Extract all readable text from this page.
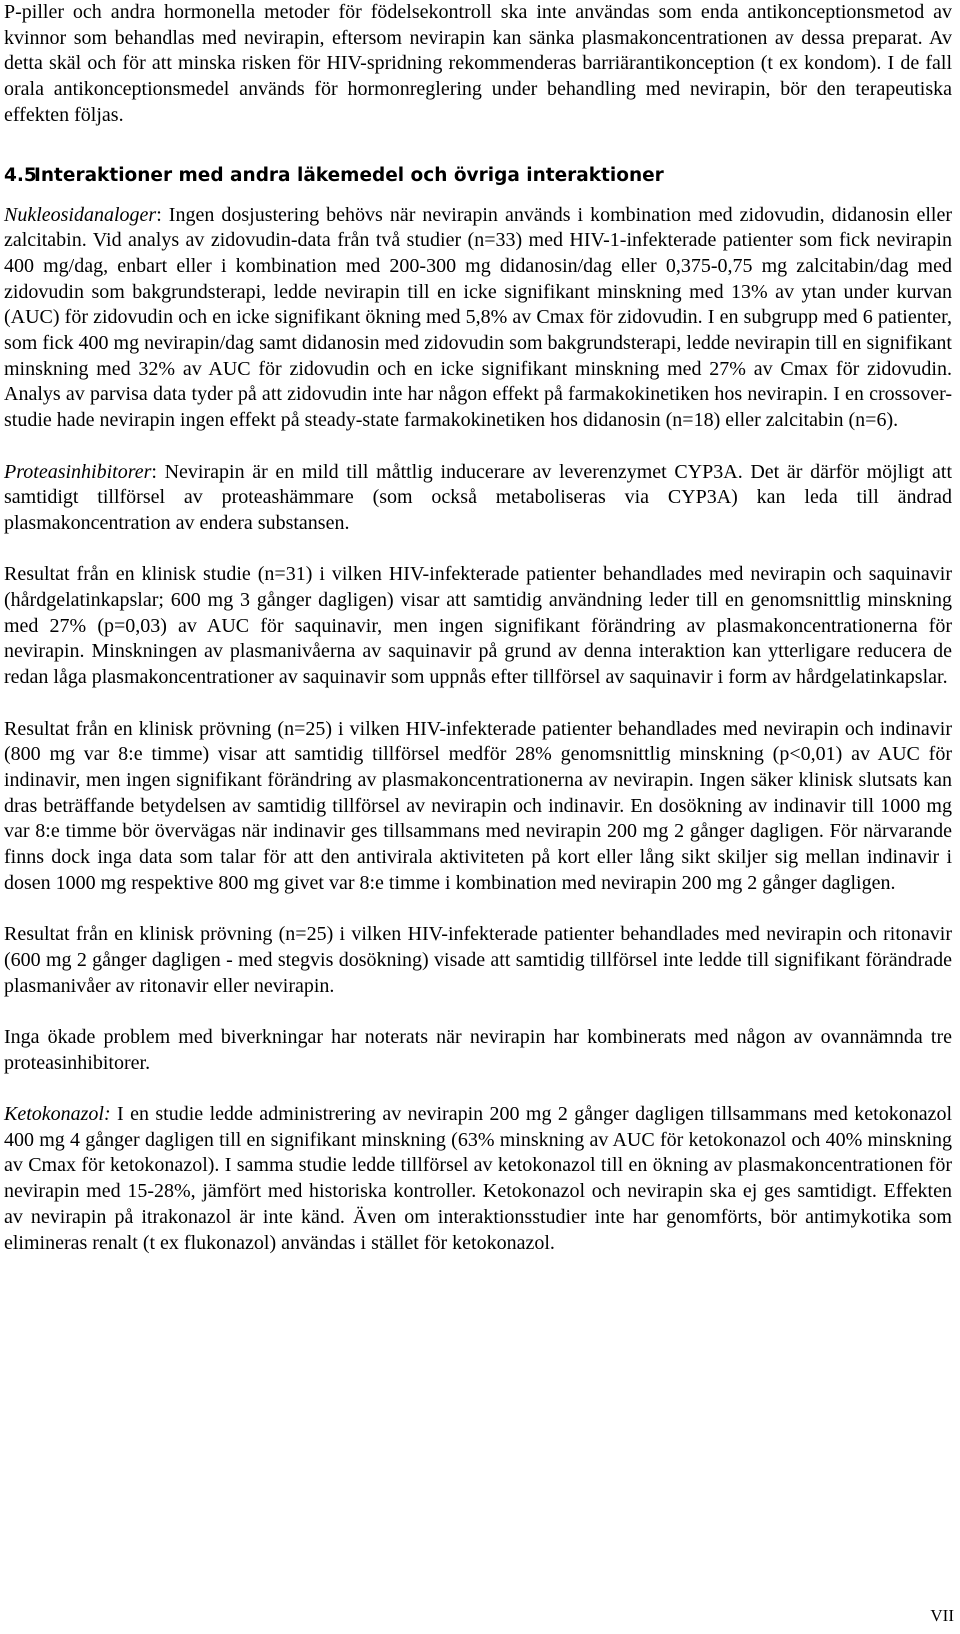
P-piller och andra hormonella metoder för födelsekontroll ska inte användas som enda antikonceptionsmetod av kvinnor som behandlas med nevirapin, eftersom nevirapin kan sänka plasmakoncentrationen av dessa preparat. Av detta skäl och för att minska risken för HIV-spridning rekommenderas barriärantikonception (t ex kondom). I de fall orala antikonceptionsmedel används för hormonreglering under behandling med nevirapin, bör den terapeutiska effekten följas.

4.5Interaktioner med andra läkemedel och övriga interaktioner

Nukleosidanaloger: Ingen dosjustering behövs när nevirapin används i kombination med zidovudin, didanosin eller zalcitabin. Vid analys av zidovudin-data från två studier (n=33) med HIV-1-infekterade patienter som fick nevirapin 400 mg/dag, enbart eller i kombination med 200-300 mg didanosin/dag eller 0,375-0,75 mg zalcitabin/dag med zidovudin som bakgrundsterapi, ledde nevirapin till en icke signifikant minskning med 13% av ytan under kurvan (AUC) för zidovudin och en icke signifikant ökning med 5,8% av Cmax för zidovudin. I en subgrupp med 6 patienter, som fick 400 mg nevirapin/dag samt didanosin med zidovudin som bakgrundsterapi, ledde nevirapin till en signifikant minskning med 32% av AUC för zidovudin och en icke signifikant minskning med 27% av Cmax för zidovudin. Analys av parvisa data tyder på att zidovudin inte har någon effekt på farmakokinetiken hos nevirapin. I en crossover-studie hade nevirapin ingen effekt på steady-state farmakokinetiken hos didanosin (n=18) eller zalcitabin (n=6).

Proteasinhibitorer: Nevirapin är en mild till måttlig inducerare av leverenzymet CYP3A. Det är därför möjligt att samtidigt tillförsel av proteashämmare (som också metaboliseras via CYP3A) kan leda till ändrad plasmakoncentration av endera substansen.

Resultat från en klinisk studie (n=31) i vilken HIV-infekterade patienter behandlades med nevirapin och saquinavir (hårdgelatinkapslar; 600 mg 3 gånger dagligen) visar att samtidig användning leder till en genomsnittlig minskning med 27% (p=0,03) av AUC för saquinavir, men ingen signifikant förändring av plasmakoncentrationerna för nevirapin. Minskningen av plasmanivåerna av saquinavir på grund av denna interaktion kan ytterligare reducera de redan låga plasmakoncentrationer av saquinavir som uppnås efter tillförsel av saquinavir i form av hårdgelatinkapslar.

Resultat från en klinisk prövning (n=25) i vilken HIV-infekterade patienter behandlades med nevirapin och indinavir (800 mg var 8:e timme) visar att samtidig tillförsel medför 28% genomsnittlig minskning (p<0,01) av AUC för indinavir, men ingen signifikant förändring av plasmakoncentrationerna av nevirapin. Ingen säker klinisk slutsats kan dras beträffande betydelsen av samtidig tillförsel av nevirapin och indinavir. En dosökning av indinavir till 1000 mg var 8:e timme bör övervägas när indinavir ges tillsammans med nevirapin 200 mg 2 gånger dagligen. För närvarande finns dock inga data som talar för att den antivirala aktiviteten på kort eller lång sikt skiljer sig mellan indinavir i dosen 1000 mg respektive 800 mg givet var 8:e timme i kombination med nevirapin 200 mg 2 gånger dagligen.

Resultat från en klinisk prövning (n=25) i vilken HIV-infekterade patienter behandlades med nevirapin och ritonavir (600 mg 2 gånger dagligen - med stegvis dosökning) visade att samtidig tillförsel inte ledde till signifikant förändrade plasmanivåer av ritonavir eller nevirapin.

Inga ökade problem med biverkningar har noterats när nevirapin har kombinerats med någon av ovannämnda tre proteasinhibitorer.

Ketokonazol: I en studie ledde administrering av nevirapin 200 mg 2 gånger dagligen tillsammans med ketokonazol 400 mg 4 gånger dagligen till en signifikant minskning (63% minskning av AUC för ketokonazol och 40% minskning av Cmax för ketokonazol). I samma studie ledde tillförsel av ketokonazol till en ökning av plasmakoncentrationen för nevirapin med 15-28%, jämfört med historiska kontroller. Ketokonazol och nevirapin ska ej ges samtidigt. Effekten av nevirapin på itrakonazol är inte känd. Även om interaktionsstudier inte har genomförts, bör antimykotika som elimineras renalt (t ex flukonazol) användas i stället för ketokonazol.

VII
